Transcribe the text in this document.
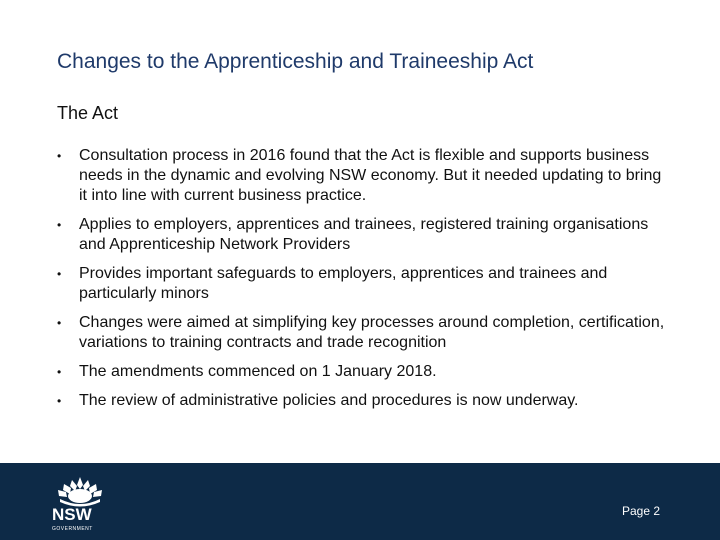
Changes to the Apprenticeship and Traineeship Act
The Act
• Consultation process in 2016 found that the Act is flexible and supports business needs in the dynamic and evolving NSW economy. But it needed updating to bring it into line with current business practice.
• Applies to employers, apprentices and trainees, registered training organisations and Apprenticeship Network Providers
• Provides important safeguards to employers, apprentices and trainees and particularly minors
• Changes were aimed at simplifying key processes around completion, certification, variations to training contracts and trade recognition
• The amendments commenced on 1 January 2018.
• The review of administrative policies and procedures is now underway.
NSW
GOVERNMENT
Page 2
